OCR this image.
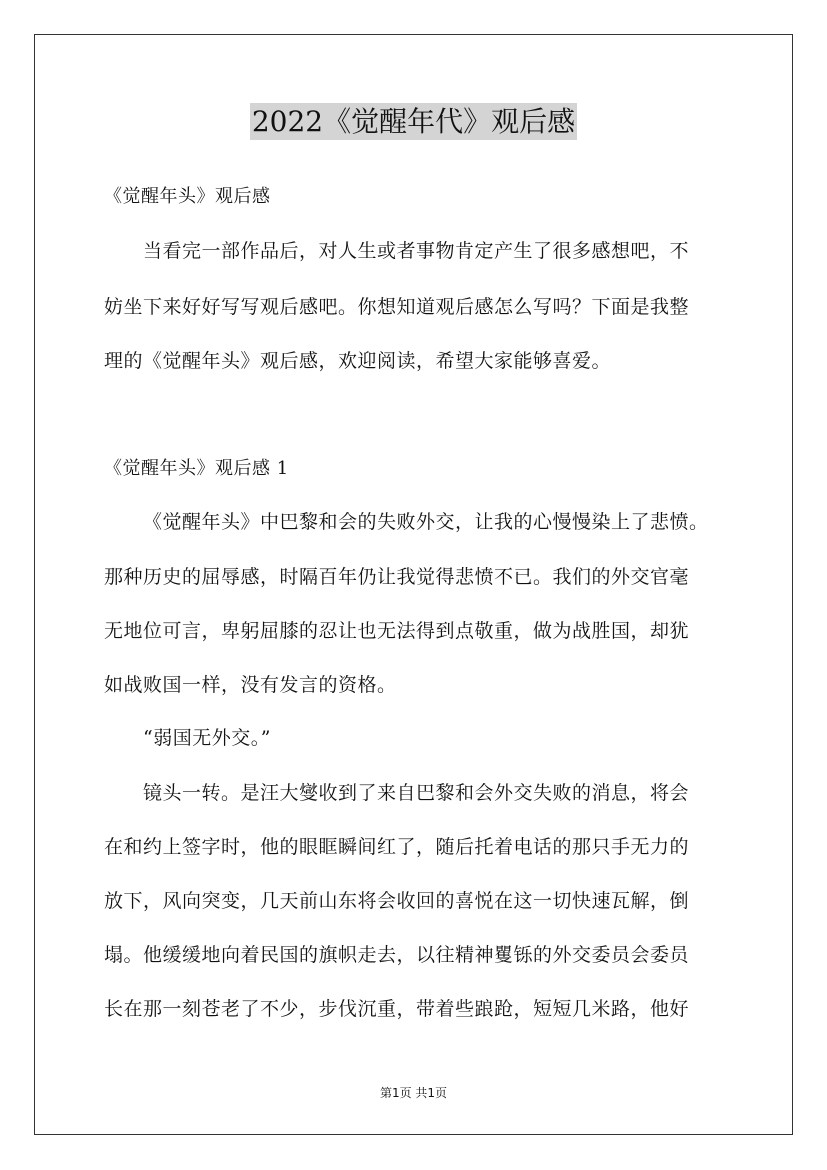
2022《觉醒年代》观后感
《觉醒年头》观后感
当看完一部作品后，对人生或者事物肯定产生了很多感想吧，不
妨坐下来好好写写观后感吧。你想知道观后感怎么写吗？下面是我整
理的《觉醒年头》观后感，欢迎阅读，希望大家能够喜爱。
《觉醒年头》观后感 1
《觉醒年头》中巴黎和会的失败外交，让我的心慢慢染上了悲愤。
那种历史的屈辱感，时隔百年仍让我觉得悲愤不已。我们的外交官毫
无地位可言，卑躬屈膝的忍让也无法得到点敬重，做为战胜国，却犹
如战败国一样，没有发言的资格。
“弱国无外交。”
镜头一转。是汪大燮收到了来自巴黎和会外交失败的消息，将会
在和约上签字时，他的眼眶瞬间红了，随后托着电话的那只手无力的
放下，风向突变，几天前山东将会收回的喜悦在这一切快速瓦解，倒
塌。他缓缓地向着民国的旗帜走去，以往精神矍铄的外交委员会委员
长在那一刻苍老了不少，步伐沉重，带着些踉跄，短短几米路，他好
第1页 共1页
